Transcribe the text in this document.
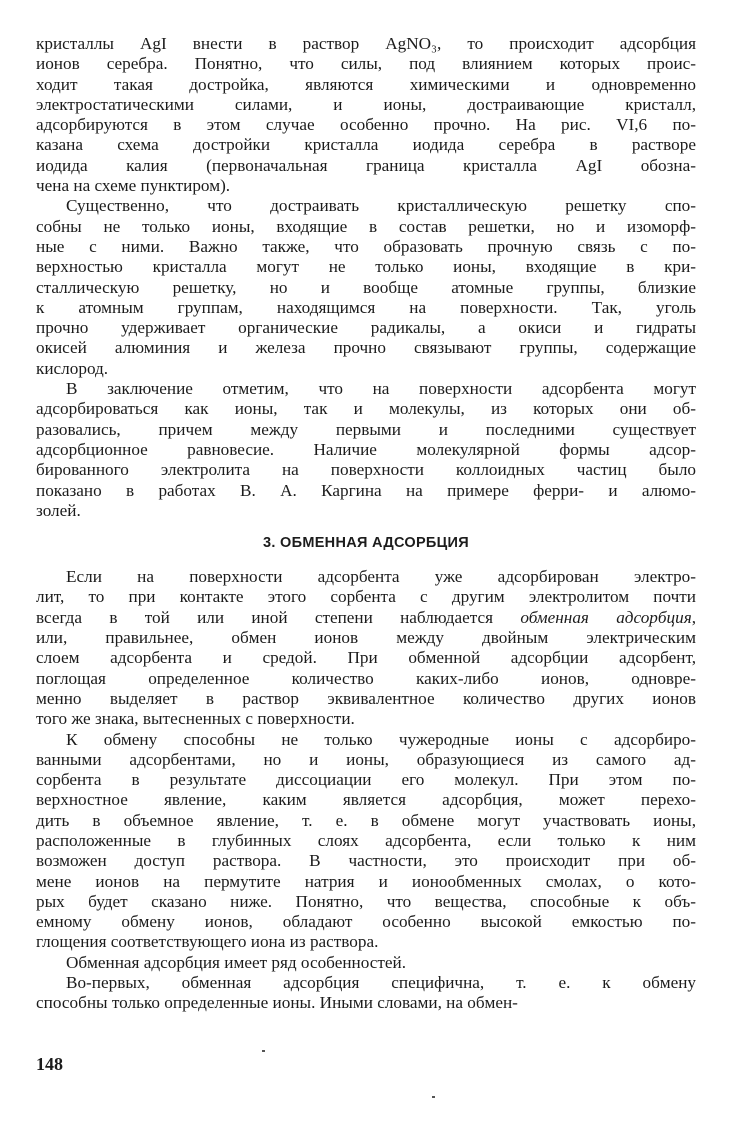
кристаллы AgI внести в раствор AgNO₃, то происходит адсорбция
ионов серебра. Понятно, что силы, под влиянием которых проис-
ходит такая достройка, являются химическими и одновременно
электростатическими силами, и ионы, достраивающие кристалл,
адсорбируются в этом случае особенно прочно. На рис. VI,6 по-
казана схема достройки кристалла иодида серебра в растворе
иодида калия (первоначальная граница кристалла AgI обозна-
чена на схеме пунктиром).

Существенно, что достраивать кристаллическую решетку спо-
собны не только ионы, входящие в состав решетки, но и изоморф-
ные с ними. Важно также, что образовать прочную связь с по-
верхностью кристалла могут не только ионы, входящие в кри-
сталлическую решетку, но и вообще атомные группы, близкие
к атомным группам, находящимся на поверхности. Так, уголь
прочно удерживает органические радикалы, а окиси и гидраты
окисей алюминия и железа прочно связывают группы, содержащие
кислород.

В заключение отметим, что на поверхности адсорбента могут
адсорбироваться как ионы, так и молекулы, из которых они об-
разовались, причем между первыми и последними существует
адсорбционное равновесие. Наличие молекулярной формы адсор-
бированного электролита на поверхности коллоидных частиц было
показано в работах В. А. Каргина на примере ферри- и алюмо-
золей.

3. ОБМЕННАЯ АДСОРБЦИЯ

Если на поверхности адсорбента уже адсорбирован электро-
лит, то при контакте этого сорбента с другим электролитом почти
всегда в той или иной степени наблюдается обменная адсорбция,
или, правильнее, обмен ионов между двойным электрическим
слоем адсорбента и средой. При обменной адсорбции адсорбент,
поглощая определенное количество каких-либо ионов, одновре-
менно выделяет в раствор эквивалентное количество других ионов
того же знака, вытесненных с поверхности.

К обмену способны не только чужеродные ионы с адсорбиро-
ванными адсорбентами, но и ионы, образующиеся из самого ад-
сорбента в результате диссоциации его молекул. При этом по-
верхностное явление, каким является адсорбция, может перехо-
дить в объемное явление, т. е. в обмене могут участвовать ионы,
расположенные в глубинных слоях адсорбента, если только к ним
возможен доступ раствора. В частности, это происходит при об-
мене ионов на пермутите натрия и ионообменных смолах, о кото-
рых будет сказано ниже. Понятно, что вещества, способные к объ-
емному обмену ионов, обладают особенно высокой емкостью по-
глощения соответствующего иона из раствора.

Обменная адсорбция имеет ряд особенностей.

Во-первых, обменная адсорбция специфична, т. е. к обмену
способны только определенные ионы. Иными словами, на обмен-

148
